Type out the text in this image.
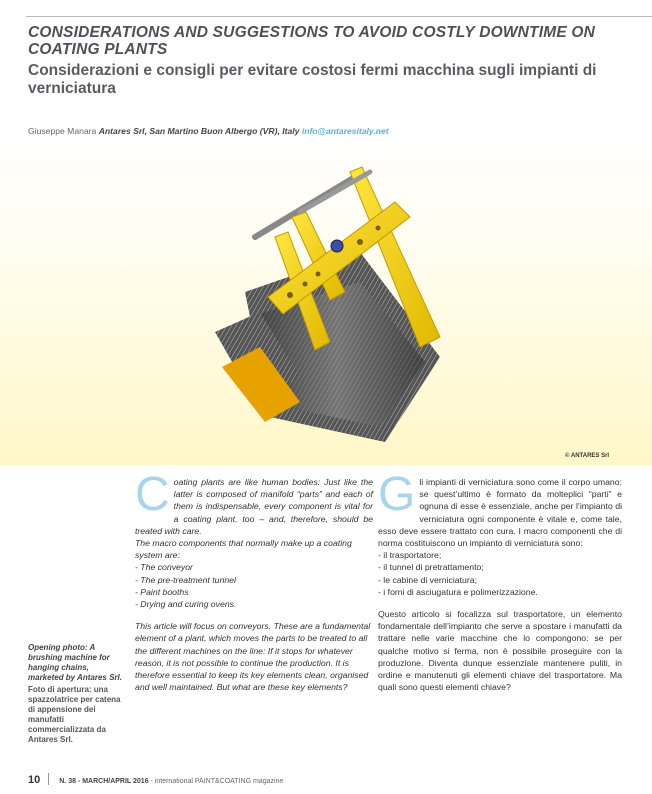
CONSIDERATIONS AND SUGGESTIONS TO AVOID COSTLY DOWNTIME ON COATING PLANTS
Considerazioni e consigli per evitare costosi fermi macchina sugli impianti di verniciatura
Giuseppe Manara Antares Srl, San Martino Buon Albergo (VR), Italy info@antaresitaly.net
© ANTARES Srl

Coating plants are like human bodies: Just like the latter is composed of manifold “parts” and each of them is indispensable, every component is vital for a coating plant, too – and, therefore, should be treated with care.

The macro components that normally make up a coating system are:

- The conveyor
- The pre-treatment tunnel
- Paint booths
- Drying and curing ovens.

This article will focus on conveyors. These are a fundamental element of a plant, which moves the parts to be treated to all the different machines on the line: If it stops for whatever reason, it is not possible to continue the production. It is therefore essential to keep its key elements clean, organised and well maintained. But what are these key elements?

Gli impianti di verniciatura sono come il corpo umano: se quest’ultimo è formato da molteplici “parti” e ognuna di esse è essenziale, anche per l’impianto di verniciatura ogni componente è vitale e, come tale, esso deve essere trattato con cura. I macro componenti che di norma costituiscono un impianto di verniciatura sono:

- il trasportatore;
- il tunnel di pretrattamento;
- le cabine di verniciatura;
- i forni di asciugatura e polimerizzazione.

Questo articolo si focalizza sul trasportatore, un elemento fondamentale dell’impianto che serve a spostare i manufatti da trattare nelle varie macchine che lo compongono: se per qualche motivo si ferma, non è possibile proseguire con la produzione. Diventa dunque essenziale mantenere puliti, in ordine e manutenuti gli elementi chiave del trasportatore. Ma quali sono questi elementi chiave?

Opening photo: A brushing machine for hanging chains, marketed by Antares Srl.

Foto di apertura: una spazzolatrice per catena di appensione dei manufatti commercializzata da Antares Srl.

10	N. 38 - MARCH/APRIL 2016 - international PAINT&COATING magazine
